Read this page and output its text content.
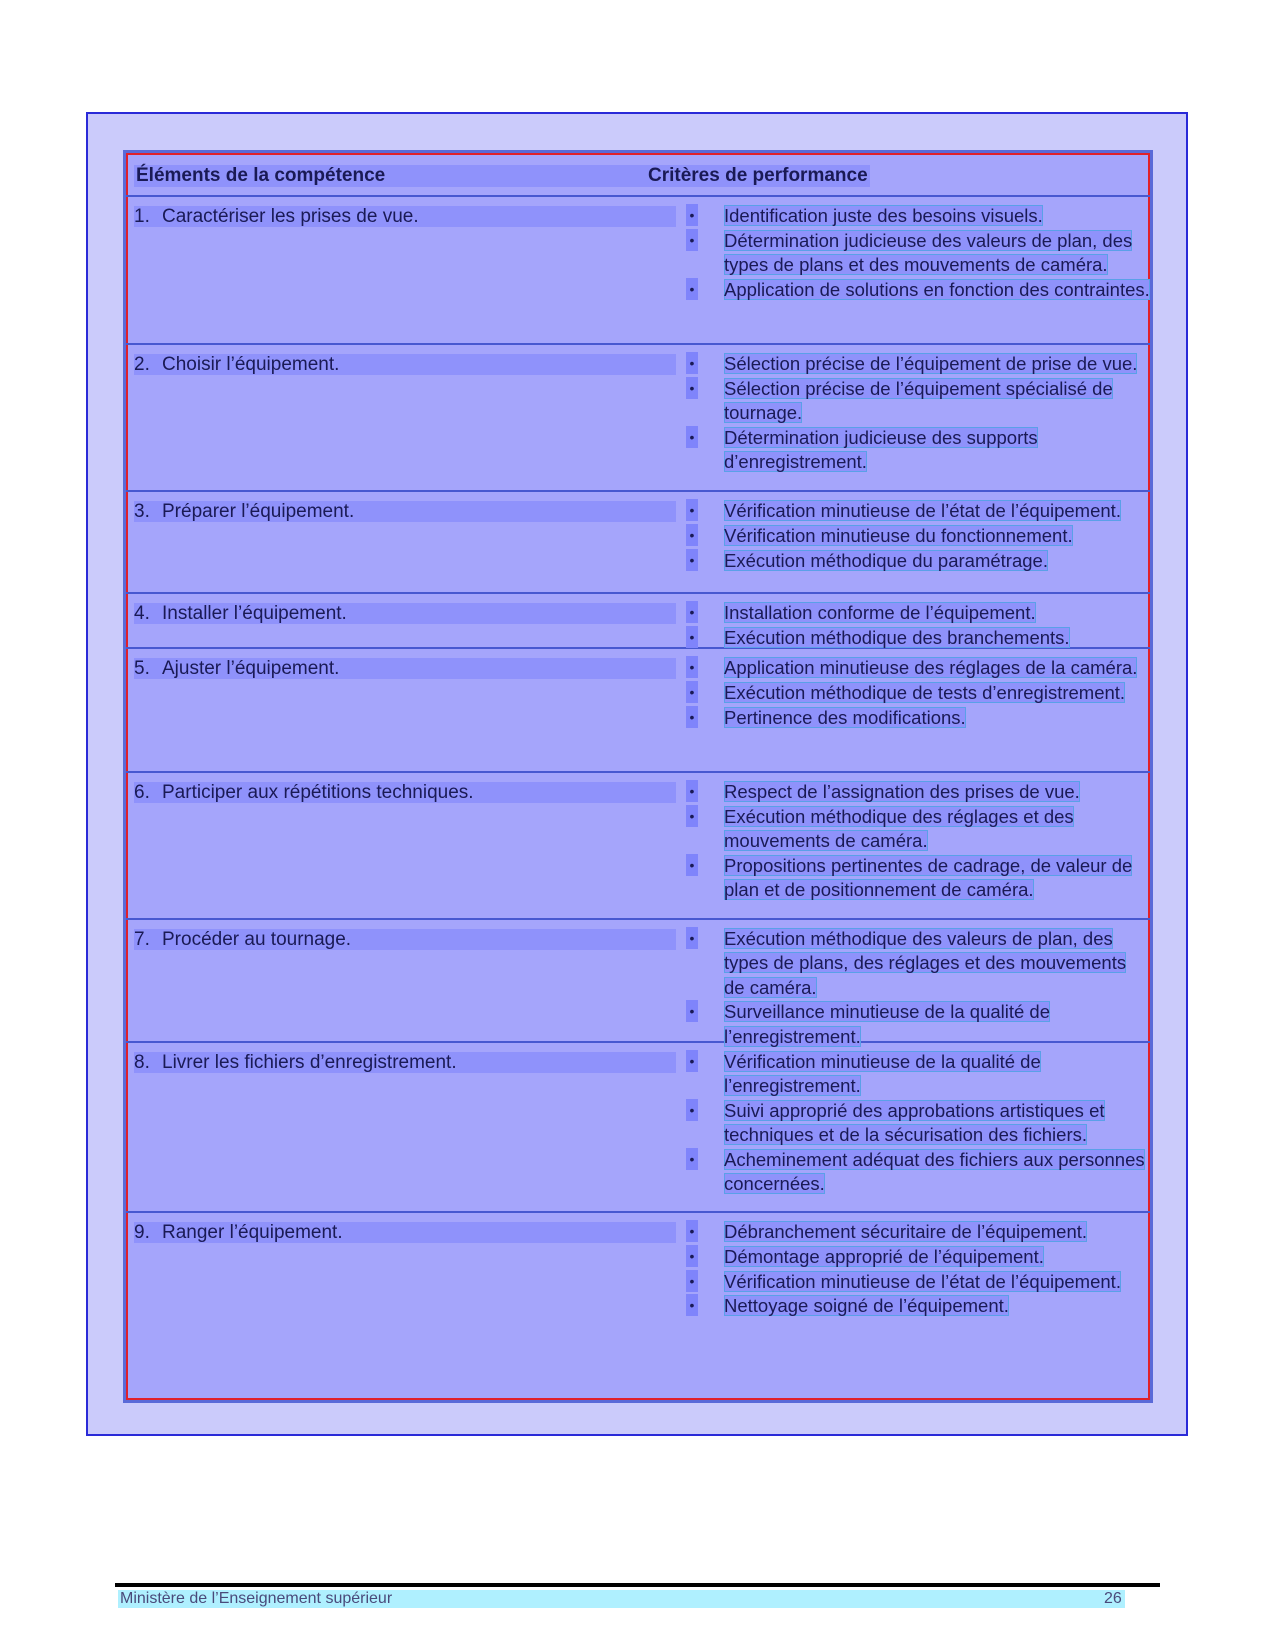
Éléments de la compétence	Critères de performance
1. Caractériser les prises de vue.	• Identification juste des besoins visuels.
• Détermination judicieuse des valeurs de plan, des types de plans et des mouvements de caméra.
• Application de solutions en fonction des contraintes.
2. Choisir l’équipement.	• Sélection précise de l’équipement de prise de vue.
• Sélection précise de l’équipement spécialisé de tournage.
• Détermination judicieuse des supports d’enregistrement.
3. Préparer l’équipement.	• Vérification minutieuse de l’état de l’équipement.
• Vérification minutieuse du fonctionnement.
• Exécution méthodique du paramétrage.
4. Installer l’équipement.	• Installation conforme de l’équipement.
• Exécution méthodique des branchements.
5. Ajuster l’équipement.	• Application minutieuse des réglages de la caméra.
• Exécution méthodique de tests d’enregistrement.
• Pertinence des modifications.
6. Participer aux répétitions techniques.	• Respect de l’assignation des prises de vue.
• Exécution méthodique des réglages et des mouvements de caméra.
• Propositions pertinentes de cadrage, de valeur de plan et de positionnement de caméra.
7. Procéder au tournage.	• Exécution méthodique des valeurs de plan, des types de plans, des réglages et des mouvements de caméra.
• Surveillance minutieuse de la qualité de l’enregistrement.
8. Livrer les fichiers d’enregistrement.	• Vérification minutieuse de la qualité de l’enregistrement.
• Suivi approprié des approbations artistiques et techniques et de la sécurisation des fichiers.
• Acheminement adéquat des fichiers aux personnes concernées.
9. Ranger l’équipement.	• Débranchement sécuritaire de l’équipement.
• Démontage approprié de l’équipement.
• Vérification minutieuse de l’état de l’équipement.
• Nettoyage soigné de l’équipement.
Ministère de l’Enseignement supérieur	26
